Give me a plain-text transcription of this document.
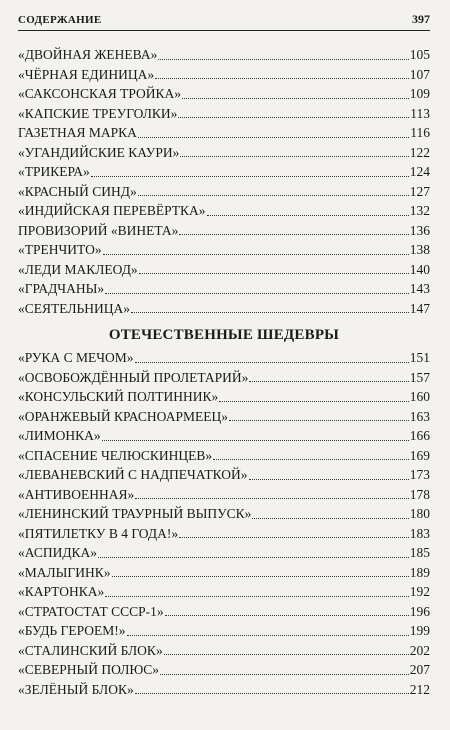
СОДЕРЖАНИЕ	397
«ДВОЙНАЯ ЖЕНЕВА»	105
«ЧЁРНАЯ ЕДИНИЦА»	107
«САКСОНСКАЯ ТРОЙКА»	109
«КАПСКИЕ ТРЕУГОЛКИ»	113
ГАЗЕТНАЯ МАРКА	116
«УГАНДИЙСКИЕ КАУРИ»	122
«ТРИКЕРА»	124
«КРАСНЫЙ СИНД»	127
«ИНДИЙСКАЯ ПЕРЕВЁРТКА»	132
ПРОВИЗОРИЙ «ВИНЕТА»	136
«ТРЕНЧИТО»	138
«ЛЕДИ МАКЛЕОД»	140
«ГРАДЧАНЫ»	143
«СЕЯТЕЛЬНИЦА»	147
ОТЕЧЕСТВЕННЫЕ ШЕДЕВРЫ
«РУКА С МЕЧОМ»	151
«ОСВОБОЖДЁННЫЙ ПРОЛЕТАРИЙ»	157
«КОНСУЛЬСКИЙ ПОЛТИННИК»	160
«ОРАНЖЕВЫЙ КРАСНОАРМЕЕЦ»	163
«ЛИМОНКА»	166
«СПАСЕНИЕ ЧЕЛЮСКИНЦЕВ»	169
«ЛЕВАНЕВСКИЙ С НАДПЕЧАТКОЙ»	173
«АНТИВОЕННАЯ»	178
«ЛЕНИНСКИЙ ТРАУРНЫЙ ВЫПУСК»	180
«ПЯТИЛЕТКУ В 4 ГОДА!»	183
«АСПИДКА»	185
«МАЛЫГИНК»	189
«КАРТОНКА»	192
«СТРАТОСТАТ СССР-1»	196
«БУДЬ ГЕРОЕМ!»	199
«СТАЛИНСКИЙ БЛОК»	202
«СЕВЕРНЫЙ ПОЛЮС»	207
«ЗЕЛЁНЫЙ БЛОК»	212
